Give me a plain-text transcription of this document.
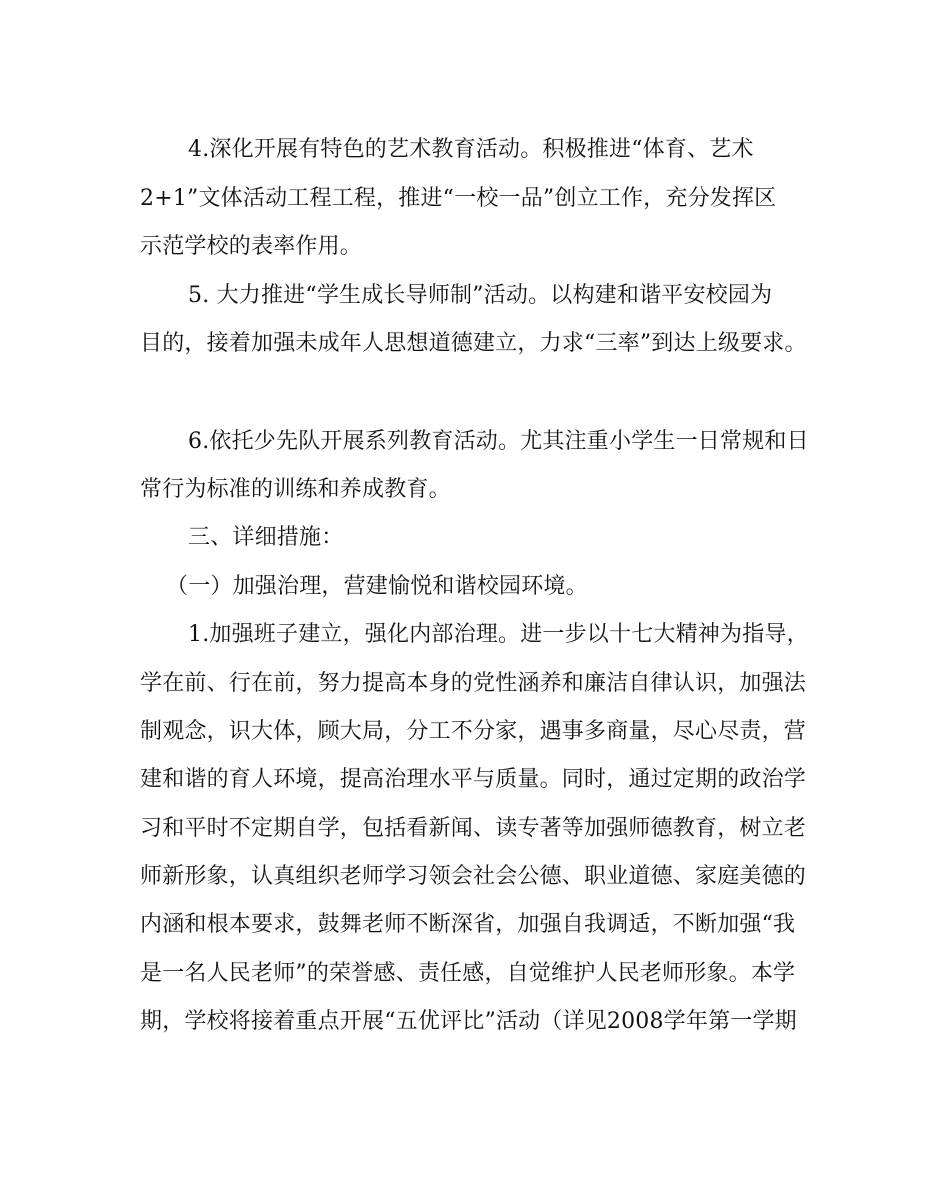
4.深化开展有特色的艺术教育活动。积极推进“体育、艺术
2+1”文体活动工程工程，推进“一校一品”创立工作，充分发挥区
示范学校的表率作用。
5. 大力推进“学生成长导师制”活动。以构建和谐平安校园为
目的，接着加强未成年人思想道德建立，力求“三率”到达上级要求。
6.依托少先队开展系列教育活动。尤其注重小学生一日常规和日
常行为标准的训练和养成教育。
三、详细措施：
（一）加强治理，营建愉悦和谐校园环境。
1.加强班子建立，强化内部治理。进一步以十七大精神为指导，
学在前、行在前，努力提高本身的党性涵养和廉洁自律认识，加强法
制观念，识大体，顾大局，分工不分家，遇事多商量，尽心尽责，营
建和谐的育人环境，提高治理水平与质量。同时，通过定期的政治学
习和平时不定期自学，包括看新闻、读专著等加强师德教育，树立老
师新形象，认真组织老师学习领会社会公德、职业道德、家庭美德的
内涵和根本要求，鼓舞老师不断深省，加强自我调适，不断加强“我
是一名人民老师”的荣誉感、责任感，自觉维护人民老师形象。本学
期，学校将接着重点开展“五优评比”活动（详见2008学年第一学期
